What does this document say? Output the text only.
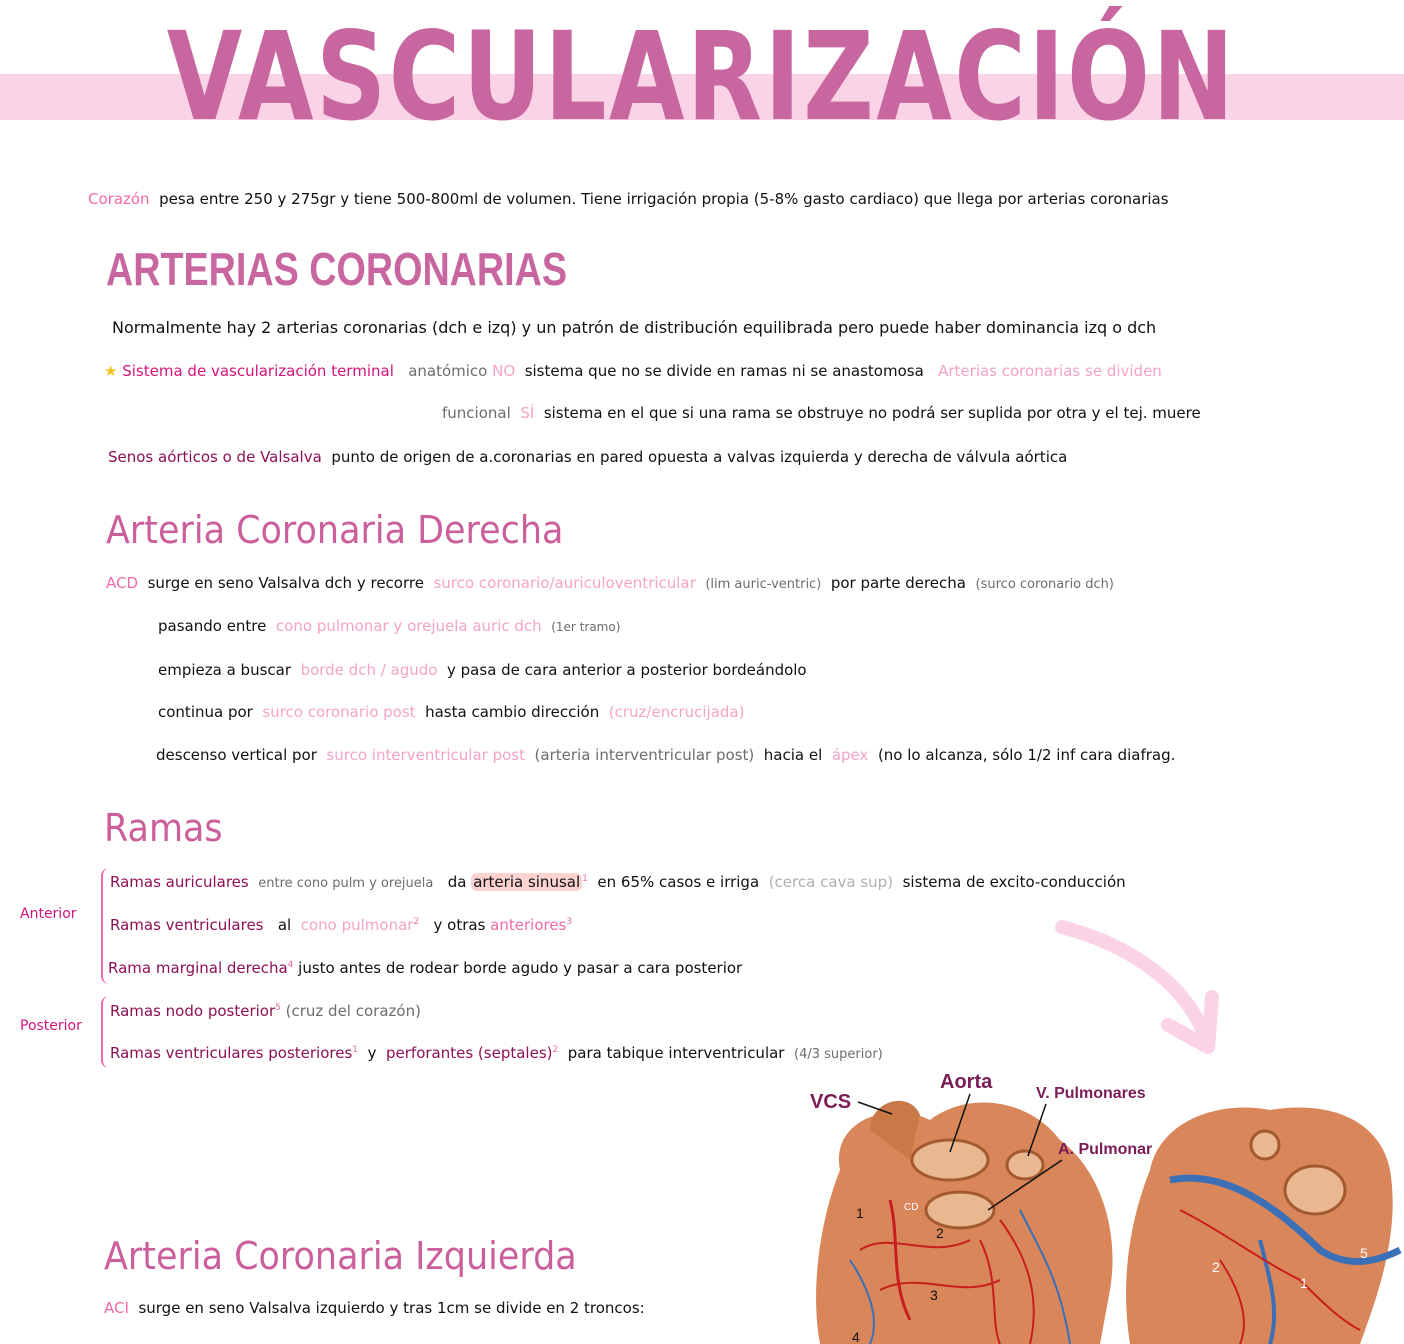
VASCULARIZACIÓN
Corazón pesa entre 250 y 275gr y tiene 500-800ml de volumen. Tiene irrigación propia (5-8% gasto cardiaco) que llega por arterias coronarias
ARTERIAS CORONARIAS
Normalmente hay 2 arterias coronarias (dch e izq) y un patrón de distribución equilibrada pero puede haber dominancia izq o dch
★ Sistema de vascularización terminal anatómico NO sistema que no se divide en ramas ni se anastomosa Arterias coronarias se dividen
funcional SÍ sistema en el que si una rama se obstruye no podrá ser suplida por otra y el tej. muere
Senos aórticos o de Valsalva punto de origen de a.coronarias en pared opuesta a valvas izquierda y derecha de válvula aórtica
Arteria Coronaria Derecha
ACD surge en seno Valsalva dch y recorre surco coronario/auriculoventricular (lim auric-ventric) por parte derecha (surco coronario dch)
pasando entre cono pulmonar y orejuela auric dch (1er tramo)
empieza a buscar borde dch / agudo y pasa de cara anterior a posterior bordeándolo
continua por surco coronario post hasta cambio dirección (cruz/encrucijada)
descenso vertical por surco interventricular post (arteria interventricular post) hacia el ápex (no lo alcanza, sólo 1/2 inf cara diafrag.
Ramas
Anterior
Posterior
Ramas auriculares entre cono pulm y orejuela da arteria sinusal $^1$ en 65% casos e irriga (cerca cava sup) sistema de excito-conducción
Ramas ventriculares al cono pulmonar$^2$ y otras anteriores$^3$
Rama marginal derecha$^4$ justo antes de rodear borde agudo y pasar a cara posterior
Ramas nodo posterior$^5$ (cruz del corazón)
Ramas ventriculares posteriores$^1$ y perforantes (septales)$^2$ para tabique interventricular (4/3 superior)
Arteria Coronaria Izquierda
ACI surge en seno Valsalva izquierdo y tras 1cm se divide en 2 troncos:
VCS
Aorta
V. Pulmonares
A. Pulmonar
CD
1
2
3
4
1
2
5
